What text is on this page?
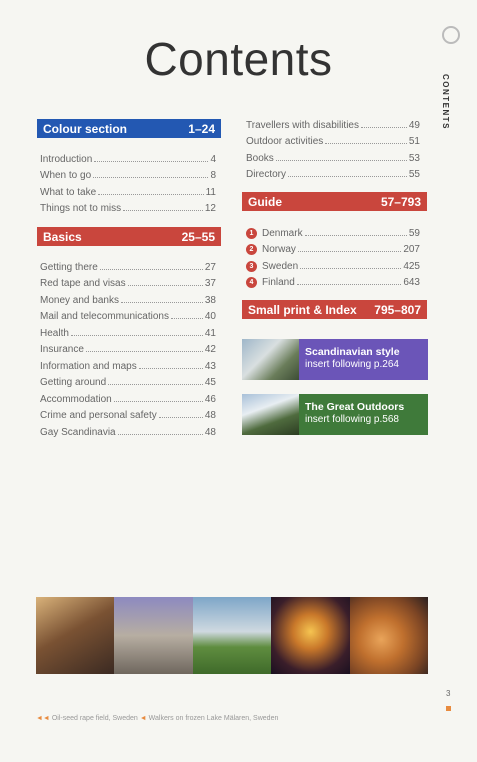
Contents
CONTENTS
Colour section	1–24
Introduction	4
When to go	8
What to take	11
Things not to miss	12
Basics	25–55
Getting there	27
Red tape and visas	37
Money and banks	38
Mail and telecommunications	40
Health	41
Insurance	42
Information and maps	43
Getting around	45
Accommodation	46
Crime and personal safety	48
Gay Scandinavia	48
Travellers with disabilities	49
Outdoor activities	51
Books	53
Directory	55
Guide	57–793
1 Denmark	59
2 Norway	207
3 Sweden	425
4 Finland	643
Small print & Index 795–807
Scandinavian style
insert following p.264
The Great Outdoors
insert following p.568
3
◄◄ Oil-seed rape field, Sweden ◄ Walkers on frozen Lake Mälaren, Sweden
